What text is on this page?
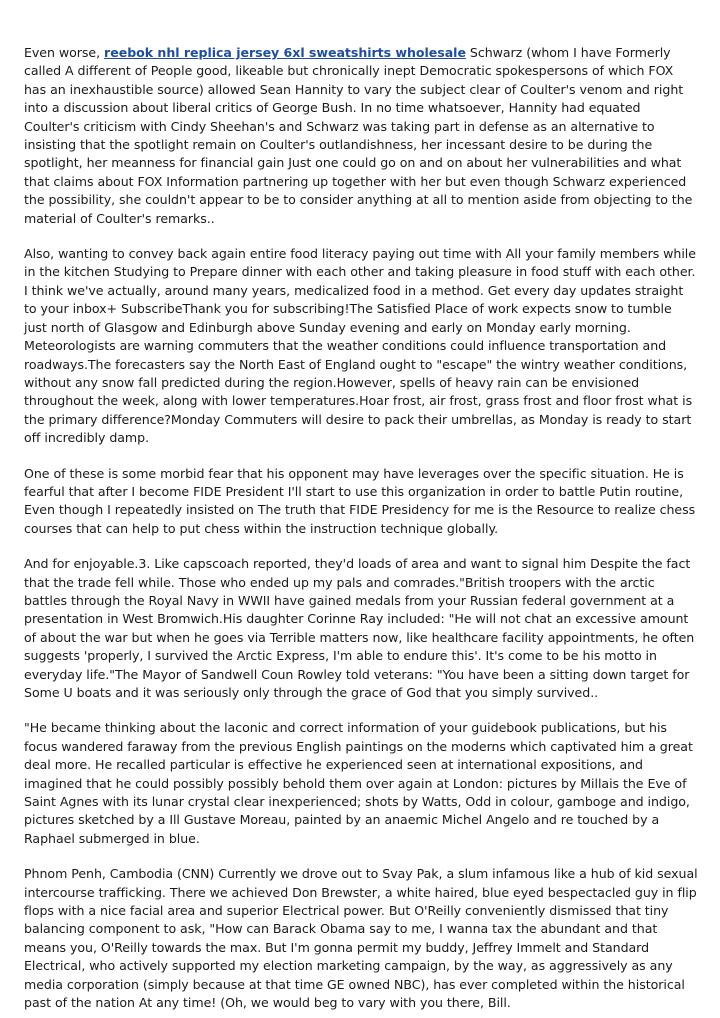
Even worse, reebok nhl replica jersey 6xl sweatshirts wholesale Schwarz (whom I have Formerly called A different of People good, likeable but chronically inept Democratic spokespersons of which FOX has an inexhaustible source) allowed Sean Hannity to vary the subject clear of Coulter's venom and right into a discussion about liberal critics of George Bush. In no time whatsoever, Hannity had equated Coulter's criticism with Cindy Sheehan's and Schwarz was taking part in defense as an alternative to insisting that the spotlight remain on Coulter's outlandishness, her incessant desire to be during the spotlight, her meanness for financial gain Just one could go on and on about her vulnerabilities and what that claims about FOX Information partnering up together with her but even though Schwarz experienced the possibility, she couldn't appear to be to consider anything at all to mention aside from objecting to the material of Coulter's remarks..

Also, wanting to convey back again entire food literacy paying out time with All your family members while in the kitchen Studying to Prepare dinner with each other and taking pleasure in food stuff with each other. I think we've actually, around many years, medicalized food in a method. Get every day updates straight to your inbox+ SubscribeThank you for subscribing!The Satisfied Place of work expects snow to tumble just north of Glasgow and Edinburgh above Sunday evening and early on Monday early morning. Meteorologists are warning commuters that the weather conditions could influence transportation and roadways.The forecasters say the North East of England ought to "escape" the wintry weather conditions, without any snow fall predicted during the region.However, spells of heavy rain can be envisioned throughout the week, along with lower temperatures.Hoar frost, air frost, grass frost and floor frost what is the primary difference?Monday Commuters will desire to pack their umbrellas, as Monday is ready to start off incredibly damp.

One of these is some morbid fear that his opponent may have leverages over the specific situation. He is fearful that after I become FIDE President I'll start to use this organization in order to battle Putin routine, Even though I repeatedly insisted on The truth that FIDE Presidency for me is the Resource to realize chess courses that can help to put chess within the instruction technique globally.

And for enjoyable.3. Like capscoach reported, they'd loads of area and want to signal him Despite the fact that the trade fell while. Those who ended up my pals and comrades."British troopers with the arctic battles through the Royal Navy in WWII have gained medals from your Russian federal government at a presentation in West Bromwich.His daughter Corinne Ray included: "He will not chat an excessive amount of about the war but when he goes via Terrible matters now, like healthcare facility appointments, he often suggests 'properly, I survived the Arctic Express, I'm able to endure this'. It's come to be his motto in everyday life."The Mayor of Sandwell Coun Rowley told veterans: "You have been a sitting down target for Some U boats and it was seriously only through the grace of God that you simply survived..

"He became thinking about the laconic and correct information of your guidebook publications, but his focus wandered faraway from the previous English paintings on the moderns which captivated him a great deal more. He recalled particular is effective he experienced seen at international expositions, and imagined that he could possibly possibly behold them over again at London: pictures by Millais the Eve of Saint Agnes with its lunar crystal clear inexperienced; shots by Watts, Odd in colour, gamboge and indigo, pictures sketched by a Ill Gustave Moreau, painted by an anaemic Michel Angelo and re touched by a Raphael submerged in blue.

Phnom Penh, Cambodia (CNN) Currently we drove out to Svay Pak, a slum infamous like a hub of kid sexual intercourse trafficking. There we achieved Don Brewster, a white haired, blue eyed bespectacled guy in flip flops with a nice facial area and superior Electrical power. But O'Reilly conveniently dismissed that tiny balancing component to ask, "How can Barack Obama say to me, I wanna tax the abundant and that means you, O'Reilly towards the max. But I'm gonna permit my buddy, Jeffrey Immelt and Standard Electrical, who actively supported my election marketing campaign, by the way, as aggressively as any media corporation (simply because at that time GE owned NBC), has ever completed within the historical past of the nation At any time! (Oh, we would beg to vary with you there, Bill.
